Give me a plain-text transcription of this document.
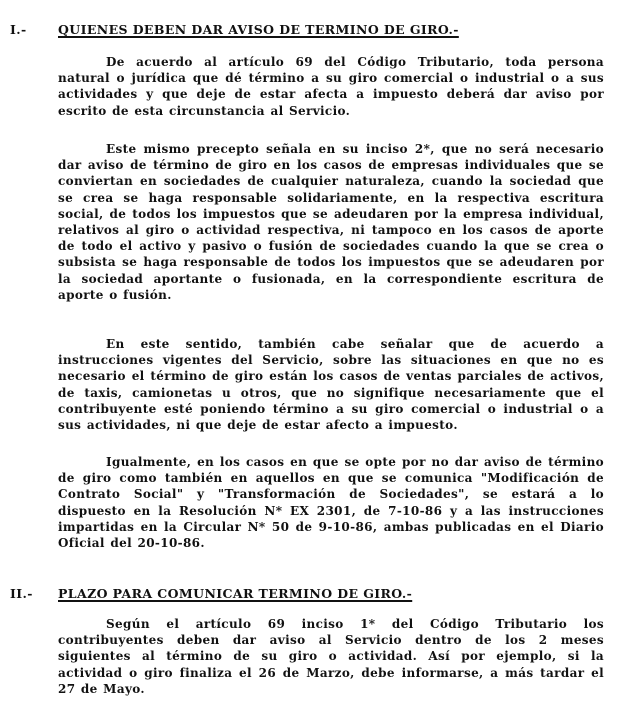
I.-	QUIENES DEBEN DAR AVISO DE TERMINO DE GIRO.-

De acuerdo al artículo 69 del Código Tributario, toda persona natural o jurídica que dé término a su giro comercial o industrial o a sus actividades y que deje de estar afecta a impuesto deberá dar aviso por escrito de esta circunstancia al Servicio.

Este mismo precepto señala en su inciso 2*, que no será necesario dar aviso de término de giro en los casos de empresas individuales que se conviertan en sociedades de cualquier naturaleza, cuando la sociedad que se crea se haga responsable solidariamente, en la respectiva escritura social, de todos los impuestos que se adeudaren por la empresa individual, relativos al giro o actividad respectiva, ni tampoco en los casos de aporte de todo el activo y pasivo o fusión de sociedades cuando la que se crea o subsista se haga responsable de todos los impuestos que se adeudaren por la sociedad aportante o fusionada, en la correspondiente escritura de aporte o fusión.

En este sentido, también cabe señalar que de acuerdo a instrucciones vigentes del Servicio, sobre las situaciones en que no es necesario el término de giro están los casos de ventas parciales de activos, de taxis, camionetas u otros, que no signifique necesariamente que el contribuyente esté poniendo término a su giro comercial o industrial o a sus actividades, ni que deje de estar afecto a impuesto.

Igualmente, en los casos en que se opte por no dar aviso de término de giro como también en aquellos en que se comunica "Modificación de Contrato Social" y "Transformación de Sociedades", se estará a lo dispuesto en la Resolución N* EX 2301, de 7-10-86 y a las instrucciones impartidas en la Circular N* 50 de 9-10-86, ambas publicadas en el Diario Oficial del 20-10-86.

II.-	PLAZO PARA COMUNICAR TERMINO DE GIRO.-

Según el artículo 69 inciso 1* del Código Tributario los contribuyentes deben dar aviso al Servicio dentro de los 2 meses siguientes al término de su giro o actividad. Así por ejemplo, si la actividad o giro finaliza el 26 de Marzo, debe informarse, a más tardar el 27 de Mayo.
